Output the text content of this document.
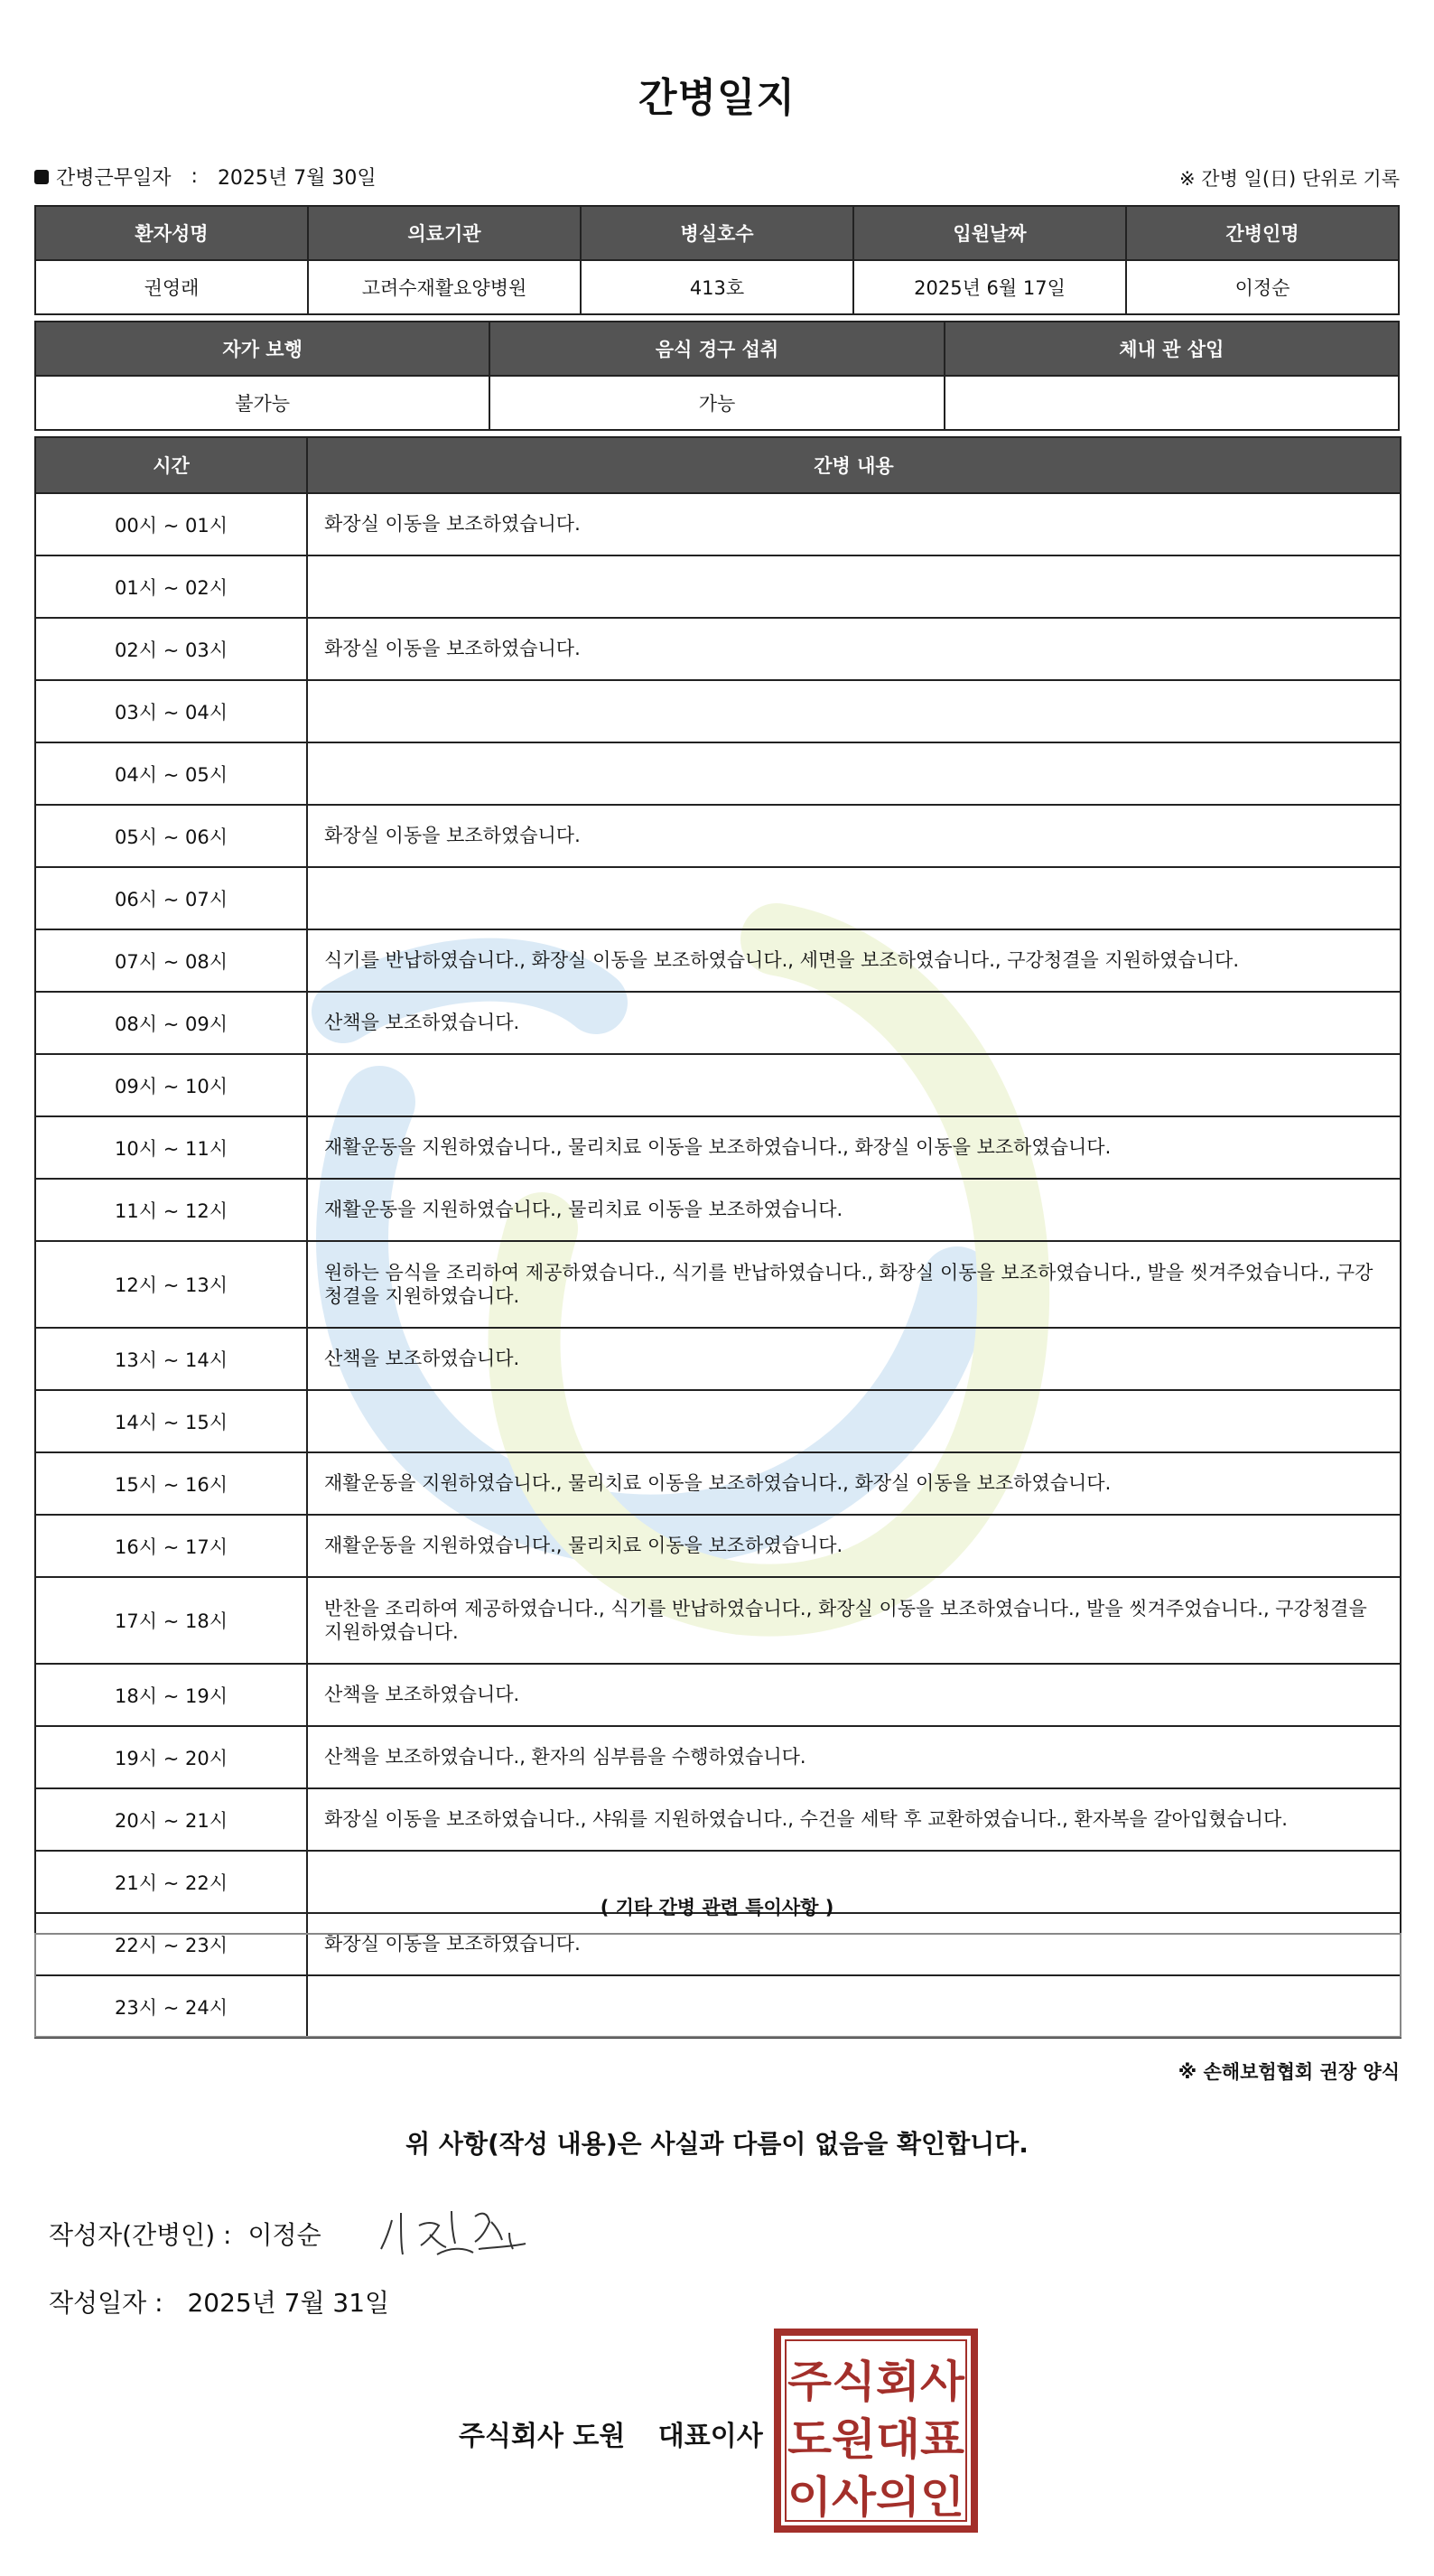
간병일지
간병근무일자 : 2025년 7월 30일	※ 간병 일(日) 단위로 기록
환자성명	의료기관	병실호수	입원날짜	간병인명
권영래	고려수재활요양병원	413호	2025년 6월 17일	이정순
자가 보행	음식 경구 섭취	체내 관 삽입
불가능	가능	
시간	간병 내용
00시 ~ 01시	화장실 이동을 보조하였습니다.
01시 ~ 02시	
02시 ~ 03시	화장실 이동을 보조하였습니다.
03시 ~ 04시	
04시 ~ 05시	
05시 ~ 06시	화장실 이동을 보조하였습니다.
06시 ~ 07시	
07시 ~ 08시	식기를 반납하였습니다., 화장실 이동을 보조하였습니다., 세면을 보조하였습니다., 구강청결을 지원하였습니다.
08시 ~ 09시	산책을 보조하였습니다.
09시 ~ 10시	
10시 ~ 11시	재활운동을 지원하였습니다., 물리치료 이동을 보조하였습니다., 화장실 이동을 보조하였습니다.
11시 ~ 12시	재활운동을 지원하였습니다., 물리치료 이동을 보조하였습니다.
12시 ~ 13시	원하는 음식을 조리하여 제공하였습니다., 식기를 반납하였습니다., 화장실 이동을 보조하였습니다., 발을 씻겨주었습니다., 구강청결을 지원하였습니다.
13시 ~ 14시	산책을 보조하였습니다.
14시 ~ 15시	
15시 ~ 16시	재활운동을 지원하였습니다., 물리치료 이동을 보조하였습니다., 화장실 이동을 보조하였습니다.
16시 ~ 17시	재활운동을 지원하였습니다., 물리치료 이동을 보조하였습니다.
17시 ~ 18시	반찬을 조리하여 제공하였습니다., 식기를 반납하였습니다., 화장실 이동을 보조하였습니다., 발을 씻겨주었습니다., 구강청결을 지원하였습니다.
18시 ~ 19시	산책을 보조하였습니다.
19시 ~ 20시	산책을 보조하였습니다., 환자의 심부름을 수행하였습니다.
20시 ~ 21시	화장실 이동을 보조하였습니다., 샤워를 지원하였습니다., 수건을 세탁 후 교환하였습니다., 환자복을 갈아입혔습니다.
21시 ~ 22시	
22시 ~ 23시	화장실 이동을 보조하였습니다.
23시 ~ 24시	
( 기타 간병 관련 특이사항 )
※ 손해보험협회 권장 양식
위 사항(작성 내용)은 사실과 다름이 없음을 확인합니다.
작성자(간병인) : 이정순
작성일자 : 2025년 7월 31일
주식회사 도원 대표이사
주식회사
도원대표
이사의인
